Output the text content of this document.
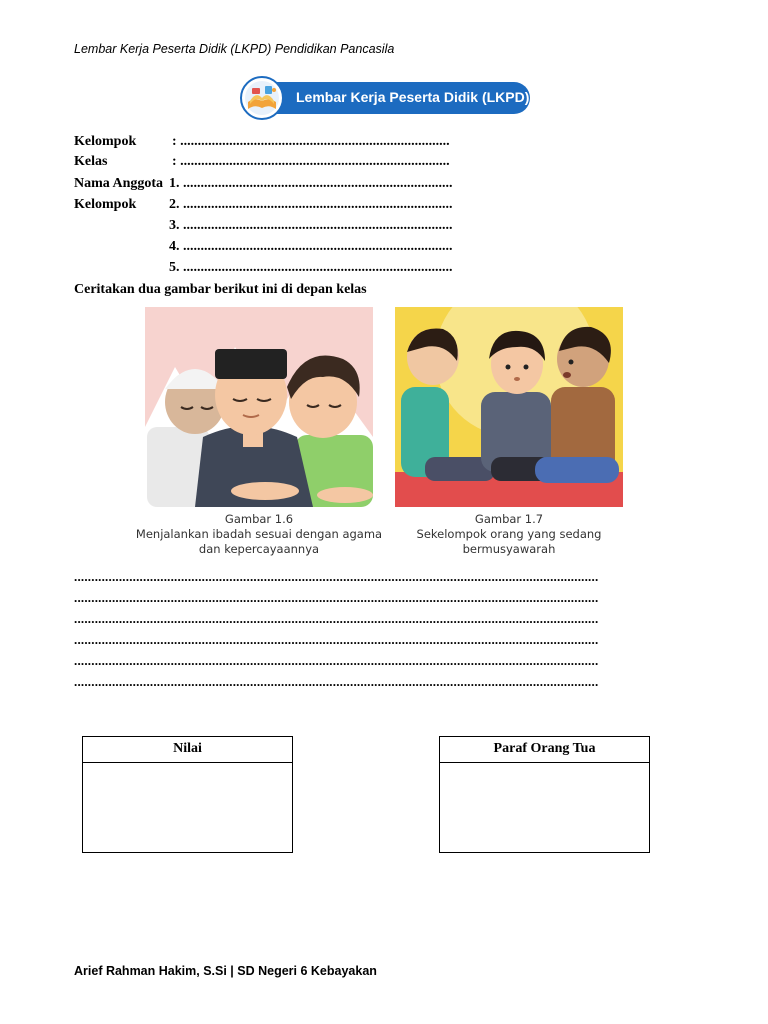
Lembar Kerja Peserta Didik (LKPD) Pendidikan Pancasila
Lembar Kerja Peserta Didik (LKPD)
Kelompok	: .............................................................................
Kelas	: .............................................................................
Nama Anggota 1. .............................................................................
Kelompok 2. .............................................................................
3. .............................................................................
4. .............................................................................
5. .............................................................................
Ceritakan dua gambar berikut ini di depan kelas
Gambar 1.6
Menjalankan ibadah sesuai dengan agama dan kepercayaannya
Gambar 1.7
Sekelompok orang yang sedang bermusyawarah
........................................................................................................................................................
........................................................................................................................................................
........................................................................................................................................................
........................................................................................................................................................
........................................................................................................................................................
........................................................................................................................................................
Nilai	Paraf Orang Tua
Arief Rahman Hakim, S.Si | SD Negeri 6 Kebayakan
